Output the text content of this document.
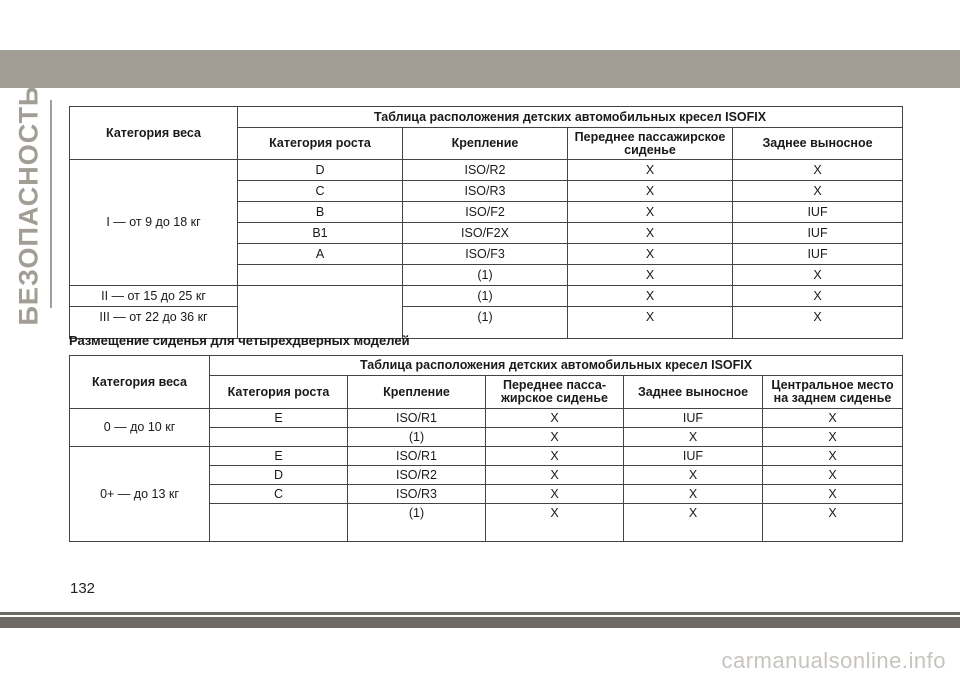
БЕЗОПАСНОСТЬ	Категория веса	Таблица расположения детских автомобильных кресел ISOFIX			
	Категория роста	Крепление	Переднее пассажирское сиденье	Заднее выносное
I — от 9 до 18 кг	D	ISO/R2	X	X
	C	ISO/R3	X	X
	B	ISO/F2	X	IUF
	B1	ISO/F2X	X	IUF
	A	ISO/F3	X	IUF
		(1)	X	X
II — от 15 до 25 кг		(1)	X	X
III — от 22 до 36 кг		(1)	X	X
Размещение сиденья для четырехдверных моделей
Категория веса	Таблица расположения детских автомобильных кресел ISOFIX				
	Категория роста	Крепление	Переднее пасса-жирское сиденье	Заднее выносное	Центральное место на заднем сиденье
0 — до 10 кг	E	ISO/R1	X	IUF	X
		(1)	X	X	X
0+ — до 13 кг	E	ISO/R1	X	IUF	X
	D	ISO/R2	X	X	X
	C	ISO/R3	X	X	X
		(1)	X	X	X
132
carmanualsonline.info
